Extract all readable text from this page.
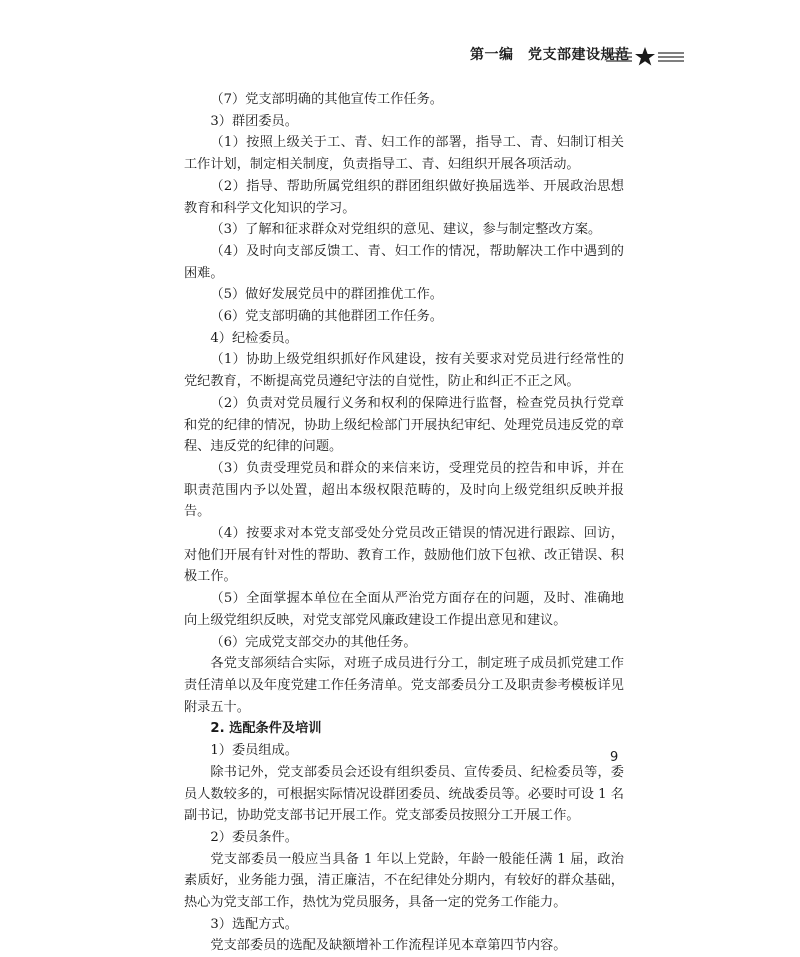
第一编　党支部建设规范

（7）党支部明确的其他宣传工作任务。

3）群团委员。

（1）按照上级关于工、青、妇工作的部署，指导工、青、妇制订相关工作计划，制定相关制度，负责指导工、青、妇组织开展各项活动。

（2）指导、帮助所属党组织的群团组织做好换届选举、开展政治思想教育和科学文化知识的学习。

（3）了解和征求群众对党组织的意见、建议，参与制定整改方案。

（4）及时向支部反馈工、青、妇工作的情况，帮助解决工作中遇到的困难。

（5）做好发展党员中的群团推优工作。

（6）党支部明确的其他群团工作任务。

4）纪检委员。

（1）协助上级党组织抓好作风建设，按有关要求对党员进行经常性的党纪教育，不断提高党员遵纪守法的自觉性，防止和纠正不正之风。

（2）负责对党员履行义务和权利的保障进行监督，检查党员执行党章和党的纪律的情况，协助上级纪检部门开展执纪审纪、处理党员违反党的章程、违反党的纪律的问题。

（3）负责受理党员和群众的来信来访，受理党员的控告和申诉，并在职责范围内予以处置，超出本级权限范畴的，及时向上级党组织反映并报告。

（4）按要求对本党支部受处分党员改正错误的情况进行跟踪、回访，对他们开展有针对性的帮助、教育工作，鼓励他们放下包袱、改正错误、积极工作。

（5）全面掌握本单位在全面从严治党方面存在的问题，及时、准确地向上级党组织反映，对党支部党风廉政建设工作提出意见和建议。

（6）完成党支部交办的其他任务。

各党支部须结合实际，对班子成员进行分工，制定班子成员抓党建工作责任清单以及年度党建工作任务清单。党支部委员分工及职责参考模板详见附录五十。

2. 选配条件及培训

1）委员组成。

除书记外，党支部委员会还设有组织委员、宣传委员、纪检委员等，委员人数较多的，可根据实际情况设群团委员、统战委员等。必要时可设 1 名副书记，协助党支部书记开展工作。党支部委员按照分工开展工作。

2）委员条件。

党支部委员一般应当具备 1 年以上党龄，年龄一般能任满 1 届，政治素质好，业务能力强，清正廉洁，不在纪律处分期内，有较好的群众基础，热心为党支部工作，热忱为党员服务，具备一定的党务工作能力。

3）选配方式。

党支部委员的选配及缺额增补工作流程详见本章第四节内容。

9
